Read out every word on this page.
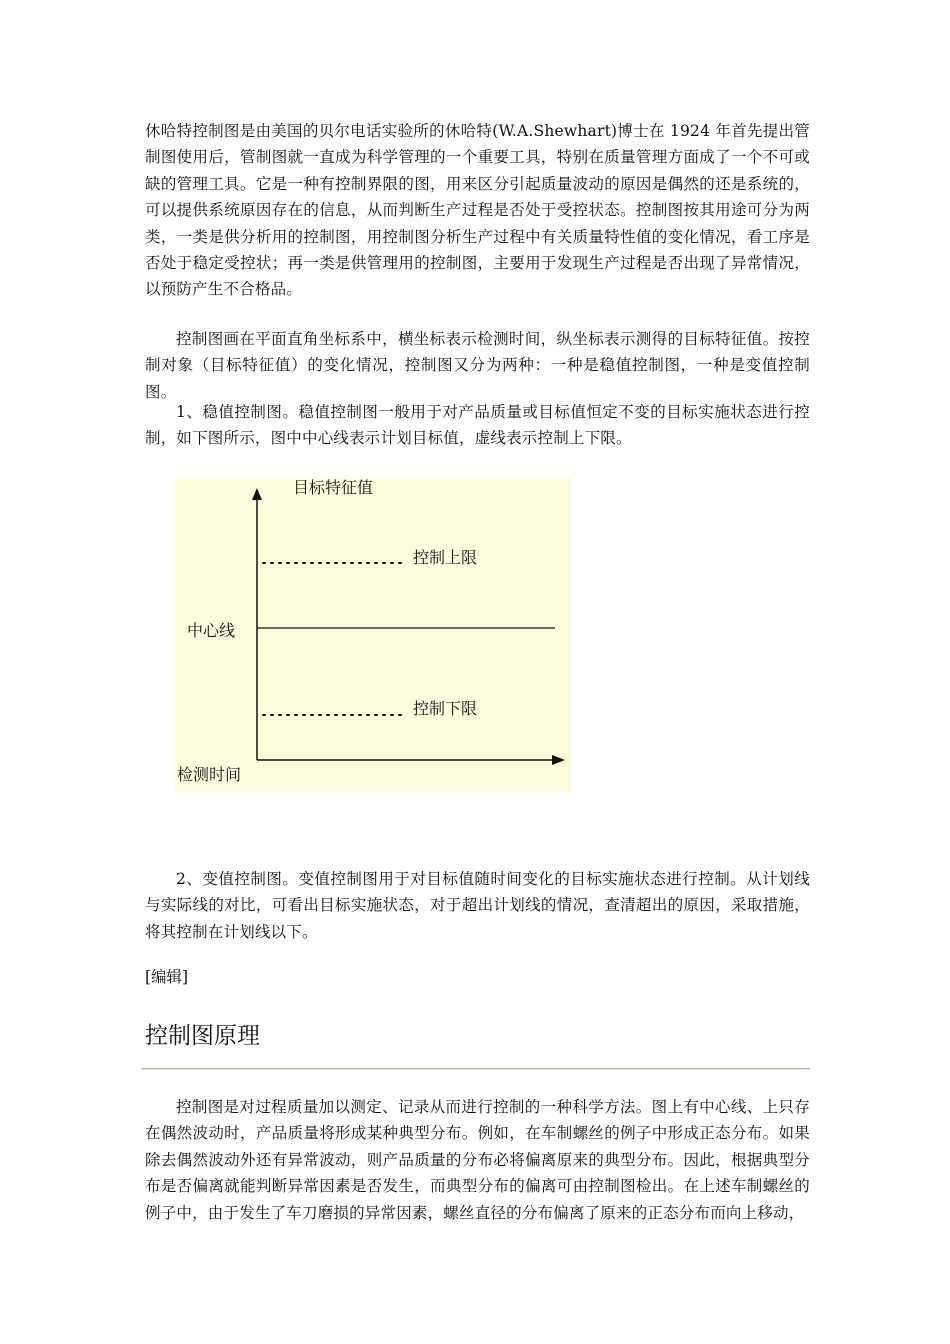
休哈特控制图是由美国的贝尔电话实验所的休哈特(W.A.Shewhart)博士在 1924 年首先提出管制图使用后，管制图就一直成为科学管理的一个重要工具，特别在质量管理方面成了一个不可或缺的管理工具。它是一种有控制界限的图，用来区分引起质量波动的原因是偶然的还是系统的，可以提供系统原因存在的信息，从而判断生产过程是否处于受控状态。控制图按其用途可分为两类，一类是供分析用的控制图，用控制图分析生产过程中有关质量特性值的变化情况，看工序是否处于稳定受控状；再一类是供管理用的控制图，主要用于发现生产过程是否出现了异常情况，以预防产生不合格品。

控制图画在平面直角坐标系中，横坐标表示检测时间，纵坐标表示测得的目标特征值。按控制对象（目标特征值）的变化情况，控制图又分为两种：一种是稳值控制图，一种是变值控制图。

1、稳值控制图。稳值控制图一般用于对产品质量或目标值恒定不变的目标实施状态进行控制，如下图所示，图中中心线表示计划目标值，虚线表示控制上下限。

2、变值控制图。变值控制图用于对目标值随时间变化的目标实施状态进行控制。从计划线与实际线的对比，可看出目标实施状态，对于超出计划线的情况，查清超出的原因，采取措施，将其控制在计划线以下。

[编辑]
控制图原理

控制图是对过程质量加以测定、记录从而进行控制的一种科学方法。图上有中心线、上只存在偶然波动时，产品质量将形成某种典型分布。例如，在车制螺丝的例子中形成正态分布。如果除去偶然波动外还有异常波动，则产品质量的分布必将偏离原来的典型分布。因此，根据典型分布是否偏离就能判断异常因素是否发生，而典型分布的偏离可由控制图检出。在上述车制螺丝的例子中，由于发生了车刀磨损的异常因素，螺丝直径的分布偏离了原来的正态分布而向上移动，

目标特征值
控制上限
中心线
控制下限
检测时间
